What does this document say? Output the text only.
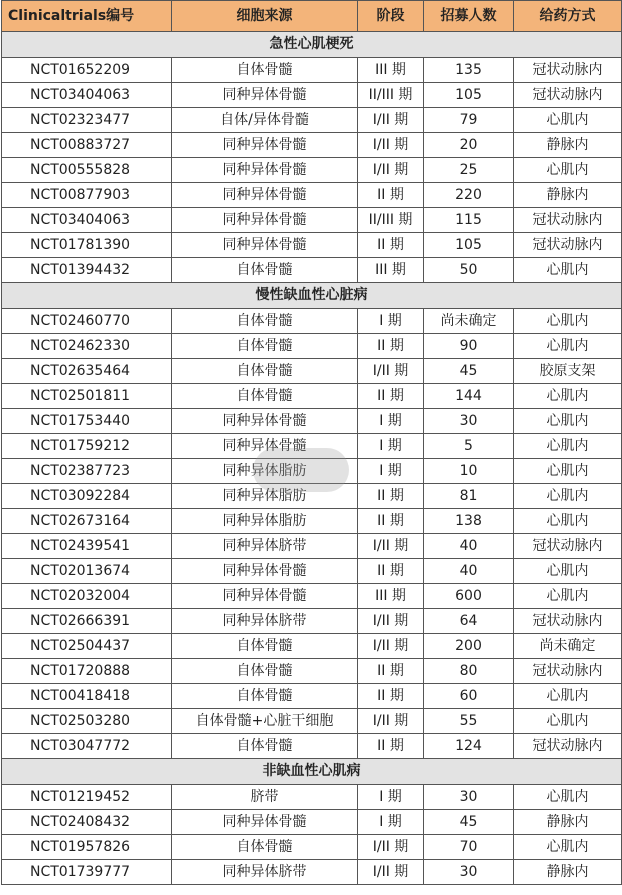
Clinicaltrials编号	细胞来源	阶段	招募人数	给药方式
急性心肌梗死				
NCT01652209	自体骨髓	III 期	135	冠状动脉内
NCT03404063	同种异体骨髓	II/III 期	105	冠状动脉内
NCT02323477	自体/异体骨髓	I/II 期	79	心肌内
NCT00883727	同种异体骨髓	I/II 期	20	静脉内
NCT00555828	同种异体骨髓	I/II 期	25	心肌内
NCT00877903	同种异体骨髓	II 期	220	静脉内
NCT03404063	同种异体骨髓	II/III 期	115	冠状动脉内
NCT01781390	同种异体骨髓	II 期	105	冠状动脉内
NCT01394432	自体骨髓	III 期	50	心肌内
慢性缺血性心脏病				
NCT02460770	自体骨髓	I 期	尚未确定	心肌内
NCT02462330	自体骨髓	II 期	90	心肌内
NCT02635464	自体骨髓	I/II 期	45	胶原支架
NCT02501811	自体骨髓	II 期	144	心肌内
NCT01753440	同种异体骨髓	I 期	30	心肌内
NCT01759212	同种异体骨髓	I 期	5	心肌内
NCT02387723	同种异体脂肪	I 期	10	心肌内
NCT03092284	同种异体脂肪	II 期	81	心肌内
NCT02673164	同种异体脂肪	II 期	138	心肌内
NCT02439541	同种异体脐带	I/II 期	40	冠状动脉内
NCT02013674	同种异体骨髓	II 期	40	心肌内
NCT02032004	同种异体骨髓	III 期	600	心肌内
NCT02666391	同种异体脐带	I/II 期	64	冠状动脉内
NCT02504437	自体骨髓	I/II 期	200	尚未确定
NCT01720888	自体骨髓	II 期	80	冠状动脉内
NCT00418418	自体骨髓	II 期	60	心肌内
NCT02503280	自体骨髓+心脏干细胞	I/II 期	55	心肌内
NCT03047772	自体骨髓	II 期	124	冠状动脉内
非缺血性心肌病				
NCT01219452	脐带	I 期	30	心肌内
NCT02408432	同种异体骨髓	I 期	45	静脉内
NCT01957826	自体骨髓	I/II 期	70	心肌内
NCT01739777	同种异体脐带	I/II 期	30	静脉内
